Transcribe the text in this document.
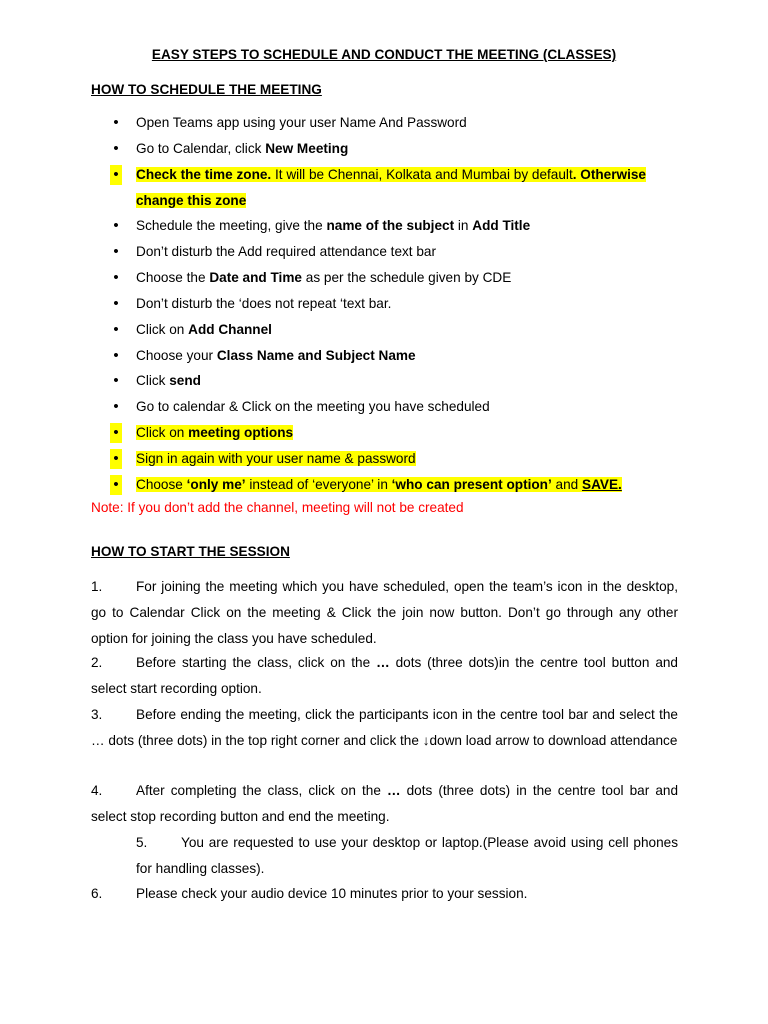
EASY STEPS TO SCHEDULE AND CONDUCT THE MEETING (CLASSES)
HOW TO SCHEDULE THE MEETING
• Open Teams app using your user Name And Password
• Go to Calendar, click New Meeting
• Check the time zone. It will be Chennai, Kolkata and Mumbai by default. Otherwise change this zone
• Schedule the meeting, give the name of the subject in Add Title
• Don’t disturb the Add required attendance text bar
• Choose the Date and Time as per the schedule given by CDE
• Don’t disturb the ‘does not repeat ‘text bar.
• Click on Add Channel
• Choose your Class Name and Subject Name
• Click send
• Go to calendar & Click on the meeting you have scheduled
• Click on meeting options
• Sign in again with your user name & password
• Choose ‘only me’ instead of ‘everyone’ in ‘who can present option’ and SAVE.
Note: If you don’t add the channel, meeting will not be created
HOW TO START THE SESSION
1. For joining the meeting which you have scheduled, open the team’s icon in the desktop, go to Calendar Click on the meeting & Click the join now button. Don’t go through any other option for joining the class you have scheduled.
2. Before starting the class, click on the … dots (three dots)in the centre tool button and select start recording option.
3. Before ending the meeting, click the participants icon in the centre tool bar and select the … dots (three dots) in the top right corner and click the ↓down load arrow to download attendance
4. After completing the class, click on the … dots (three dots) in the centre tool bar and select stop recording button and end the meeting.
5. You are requested to use your desktop or laptop.(Please avoid using cell phones for handling classes).
6. Please check your audio device 10 minutes prior to your session.
